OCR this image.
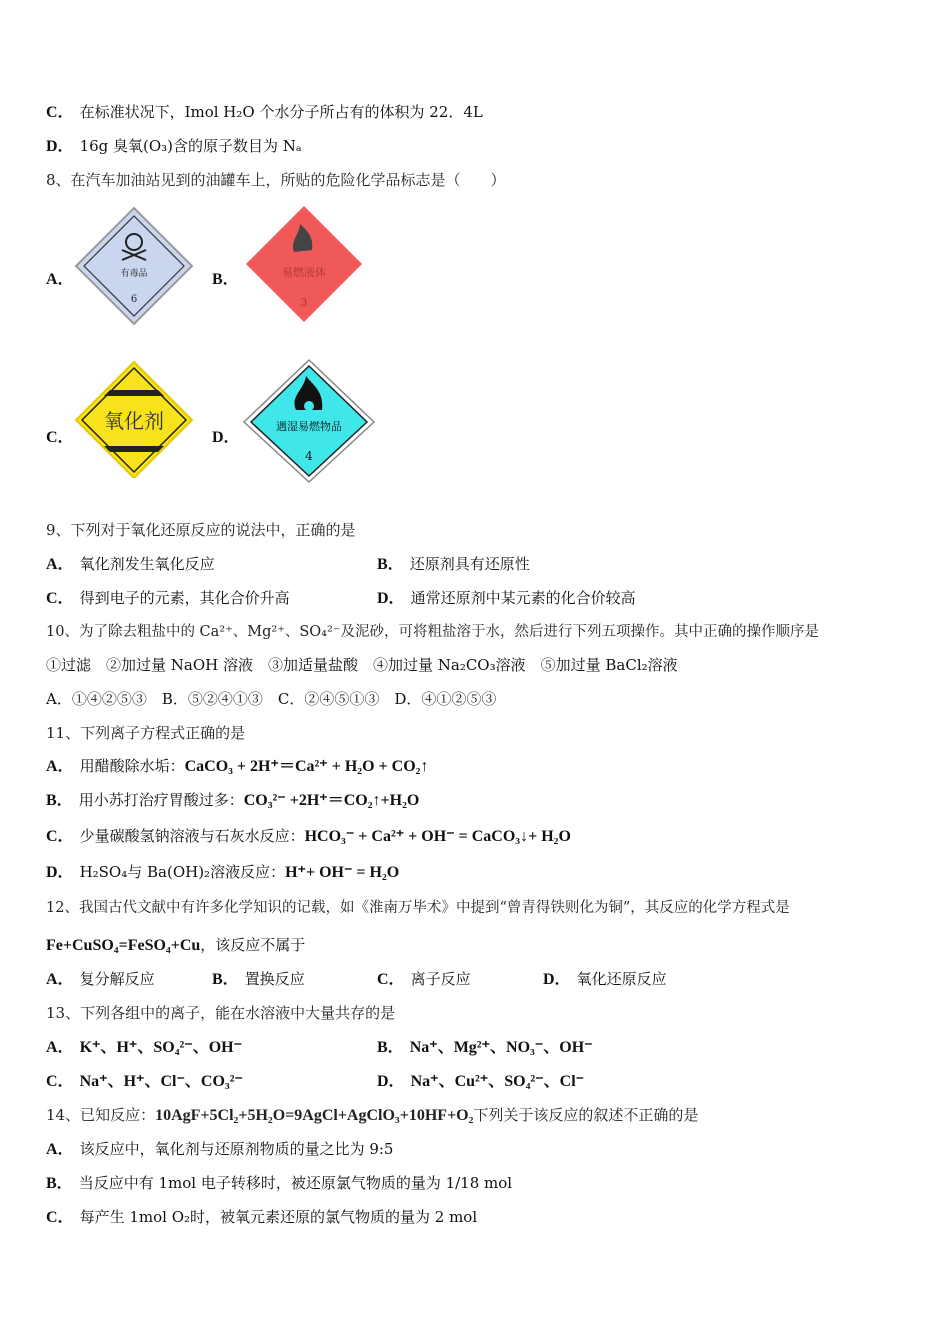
C． 在标准状况下，Imol H₂O 个水分子所占有的体积为 22．4L
D． 16g 臭氧(O₃)含的原子数目为 Nₐ
8、在汽车加油站见到的油罐车上，所贴的危险化学品标志是（　　）
A．	有毒品
6
B．	易燃液体
3
C．
氧化剂
D．
遇湿易燃物品
4
9、下列对于氧化还原反应的说法中，正确的是
A． 氧化剂发生氧化反应	B． 还原剂具有还原性
C． 得到电子的元素，其化合价升高	D． 通常还原剂中某元素的化合价较高
10、为了除去粗盐中的 Ca²⁺、Mg²⁺、SO₄²⁻及泥砂，可将粗盐溶于水，然后进行下列五项操作。其中正确的操作顺序是
①过滤　②加过量 NaOH 溶液　③加适量盐酸　④加过量 Na₂CO₃溶液　⑤加过量 BaCl₂溶液
A．①④②⑤③　B．⑤②④①③　C．②④⑤①③　D．④①②⑤③
11、下列离子方程式正确的是
A． 用醋酸除水垢：CaCO₃ + 2H⁺＝Ca²⁺ + H₂O + CO₂↑
B． 用小苏打治疗胃酸过多：CO₃²⁻ +2H⁺＝CO₂↑+H₂O
C． 少量碳酸氢钠溶液与石灰水反应：HCO₃⁻ + Ca²⁺ + OH⁻ = CaCO₃↓+ H₂O
D． H₂SO₄与 Ba(OH)₂溶液反应：H⁺+ OH⁻ = H₂O
12、我国古代文献中有许多化学知识的记载，如《淮南万毕术》中提到“曾青得铁则化为铜”，其反应的化学方程式是
Fe+CuSO₄=FeSO₄+Cu，该反应不属于
A． 复分解反应	B． 置换反应	C． 离子反应	D． 氧化还原反应
13、下列各组中的离子，能在水溶液中大量共存的是
A． K⁺、H⁺、SO₄²⁻、OH⁻	B． Na⁺、Mg²⁺、NO₃⁻、OH⁻
C． Na⁺、H⁺、Cl⁻、CO₃²⁻	D． Na⁺、Cu²⁺、SO₄²⁻、Cl⁻
14、已知反应：10AgF+5Cl₂+5H₂O=9AgCl+AgClO₃+10HF+O₂下列关于该反应的叙述不正确的是
A． 该反应中，氧化剂与还原剂物质的量之比为 9:5
B． 当反应中有 1mol 电子转移时，被还原氯气物质的量为 1/18 mol
C． 每产生 1mol O₂时，被氧元素还原的氯气物质的量为 2 mol
